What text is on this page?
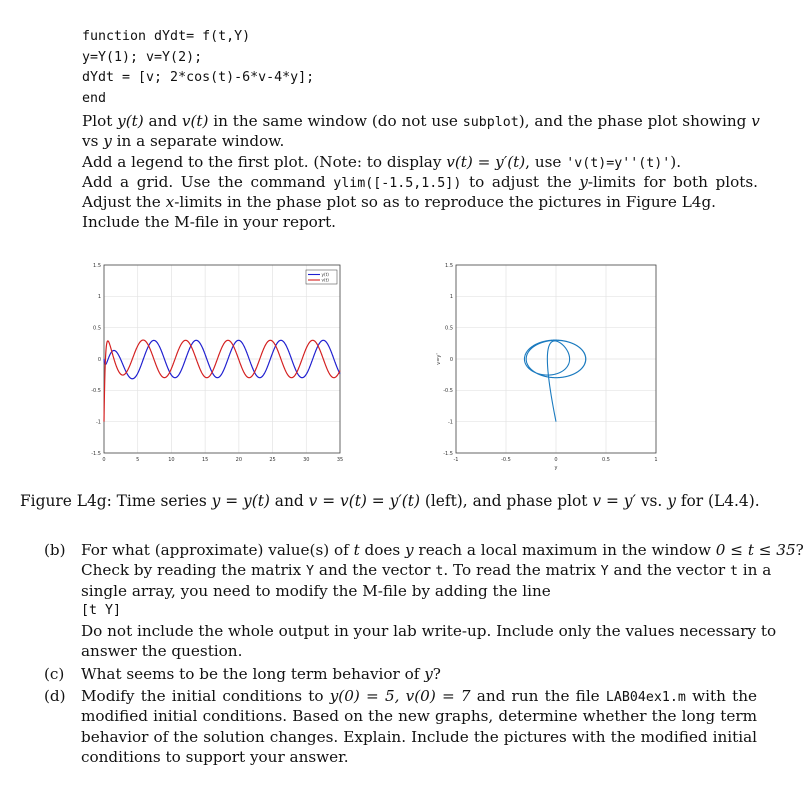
function dYdt= f(t,Y)
y=Y(1); v=Y(2);
dYdt = [v; 2*cos(t)-6*v-4*y];
end
Plot y(t) and v(t) in the same window (do not use subplot), and the phase plot showing v
vs y in a separate window.
Add a legend to the first plot. (Note: to display v(t) = y′(t), use 'v(t)=y''(t)').
Add a grid. Use the command ylim([-1.5,1.5]) to adjust the y-limits for both plots.
Adjust the x-limits in the phase plot so as to reproduce the pictures in Figure L4g.
Include the M-file in your report.
0	5	10	15	20	25	30	35
1.5
1
0.5
0
-0.5
-1
-1.5
y(t)
v(t)
-1	-0.5	0	0.5	1
1.5
1
0.5
0
-0.5
-1
-1.5
y
v=y'
Figure L4g: Time series y = y(t) and v = v(t) = y′(t) (left), and phase plot v = y′ vs. y for (L4.4).
(b)	For what (approximate) value(s) of t does y reach a local maximum in the window 0 ≤ t ≤ 35?
Check by reading the matrix Y and the vector t. To read the matrix Y and the vector t in a
single array, you need to modify the M-file by adding the line
[t Y]
Do not include the whole output in your lab write-up. Include only the values necessary to
answer the question.
(c)	What seems to be the long term behavior of y?
(d)	Modify the initial conditions to y(0) = 5, v(0) = 7 and run the file LAB04ex1.m with the
modified initial conditions. Based on the new graphs, determine whether the long term
behavior of the solution changes. Explain. Include the pictures with the modified initial
conditions to support your answer.
